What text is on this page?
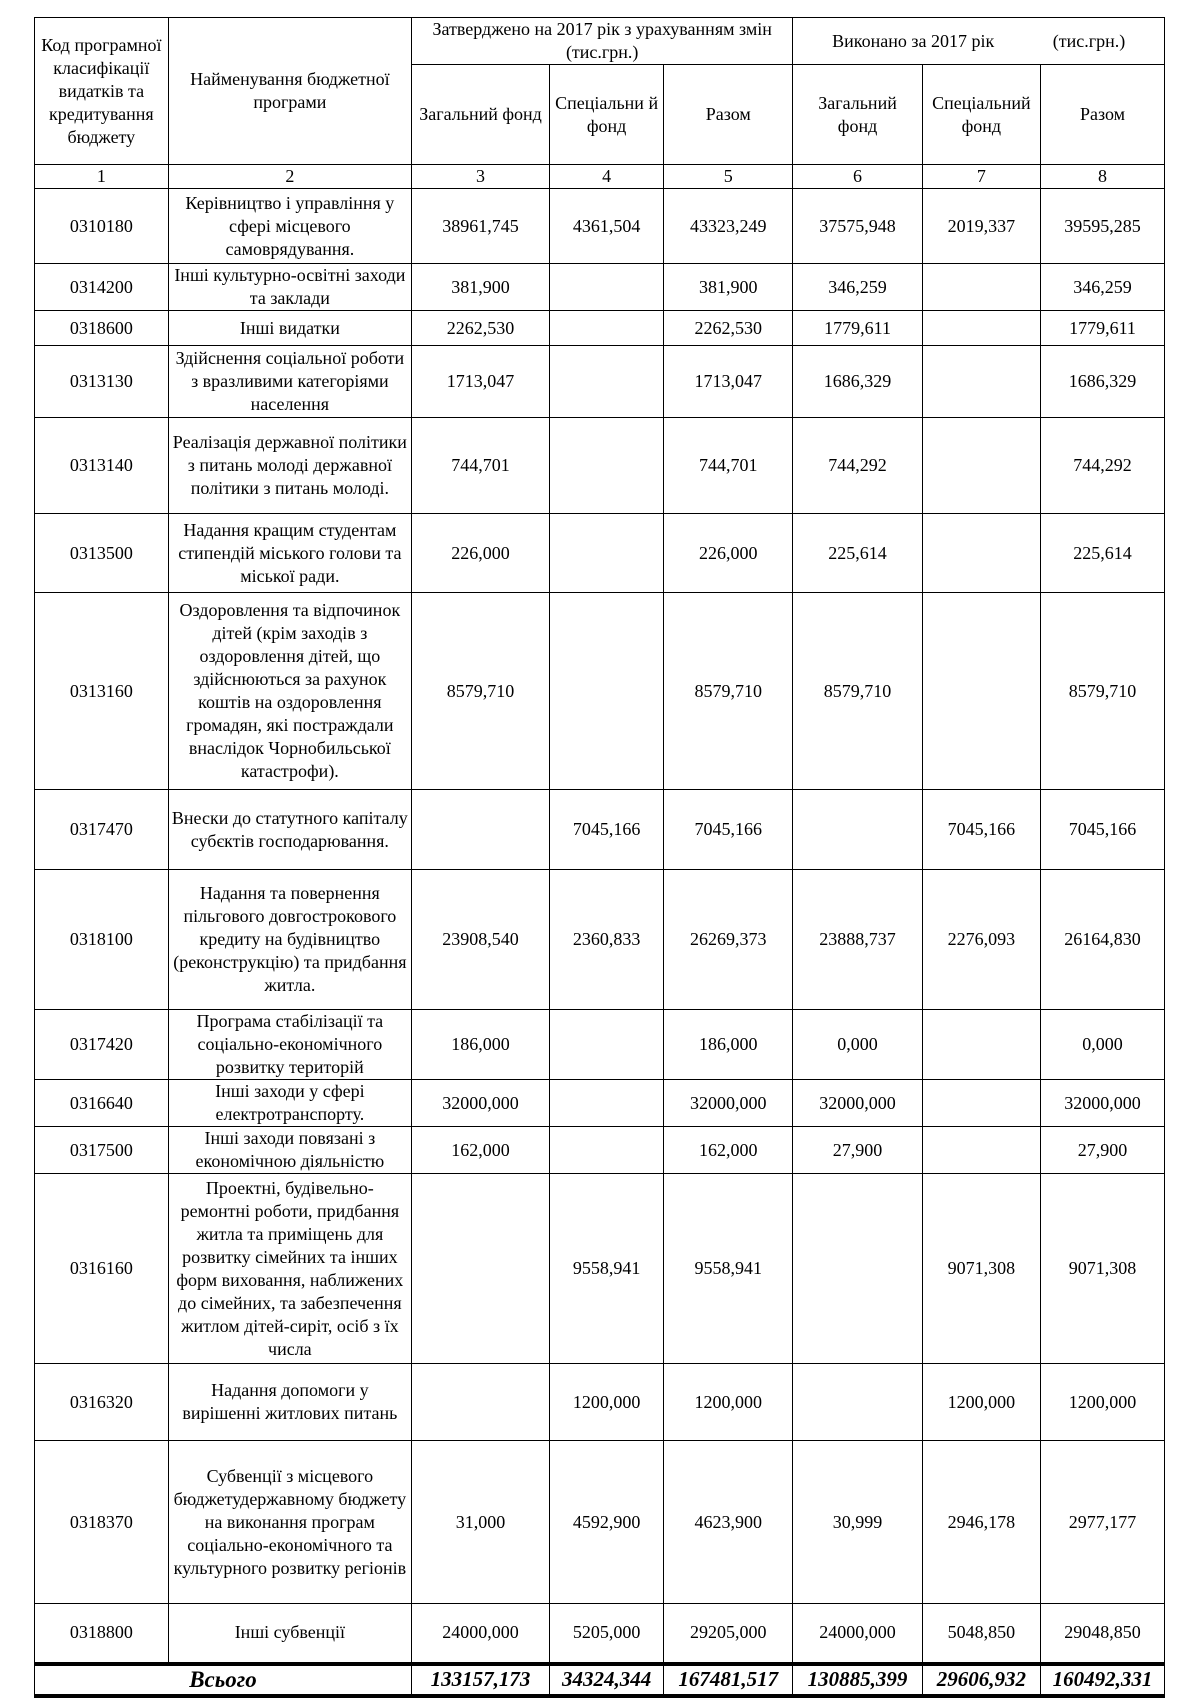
Код програмної класифікації видатків та кредитування бюджету	Найменування бюджетної програми	Затверджено на 2017 рік з урахуванням змін (тис.грн.)			Виконано за 2017 рік (тис.грн.)		
		Загальний фонд	Спеціальни й фонд	Разом	Загальний фонд	Спеціальний фонд	Разом
1	2	3	4	5	6	7	8
0310180	Керівництво і управління у сфері місцевого самоврядування.	38961,745	4361,504	43323,249	37575,948	2019,337	39595,285
0314200	Інші культурно-освітні заходи та заклади	381,900		381,900	346,259		346,259
0318600	Інші видатки	2262,530		2262,530	1779,611		1779,611
0313130	Здійснення соціальної роботи з вразливими категоріями населення	1713,047		1713,047	1686,329		1686,329
0313140	Реалізація державної політики з питань молоді державної політики з питань молоді.	744,701		744,701	744,292		744,292
0313500	Надання кращим студентам стипендій міського голови та міської ради.	226,000		226,000	225,614		225,614
0313160	Оздоровлення та відпочинок дітей (крім заходів з оздоровлення дітей, що здійснюються за рахунок коштів на оздоровлення громадян, які постраждали внаслідок Чорнобильської катастрофи).	8579,710		8579,710	8579,710		8579,710
0317470	Внески до статутного капіталу субєктів господарювання.		7045,166	7045,166		7045,166	7045,166
0318100	Надання та повернення пільгового довгострокового кредиту на будівництво (реконструкцію) та придбання житла.	23908,540	2360,833	26269,373	23888,737	2276,093	26164,830
0317420	Програма стабілізації та соціально-економічного розвитку територій	186,000		186,000	0,000		0,000
0316640	Інші заходи у сфері електротранспорту.	32000,000		32000,000	32000,000		32000,000
0317500	Інші заходи повязані з економічною діяльністю	162,000		162,000	27,900		27,900
0316160	Проектні, будівельно-ремонтні роботи, придбання житла та приміщень для розвитку сімейних та інших форм виховання, наближених до сімейних, та забезпечення житлом дітей-сиріт, осіб з їх числа		9558,941	9558,941		9071,308	9071,308
0316320	Надання допомоги у вирішенні житлових питань		1200,000	1200,000		1200,000	1200,000
0318370	Субвенції з місцевого бюджетудержавному бюджету на виконання програм соціально-економічного та культурного розвитку регіонів	31,000	4592,900	4623,900	30,999	2946,178	2977,177
0318800	Інші субвенції	24000,000	5205,000	29205,000	24000,000	5048,850	29048,850
Всього		133157,173	34324,344	167481,517	130885,399	29606,932	160492,331
